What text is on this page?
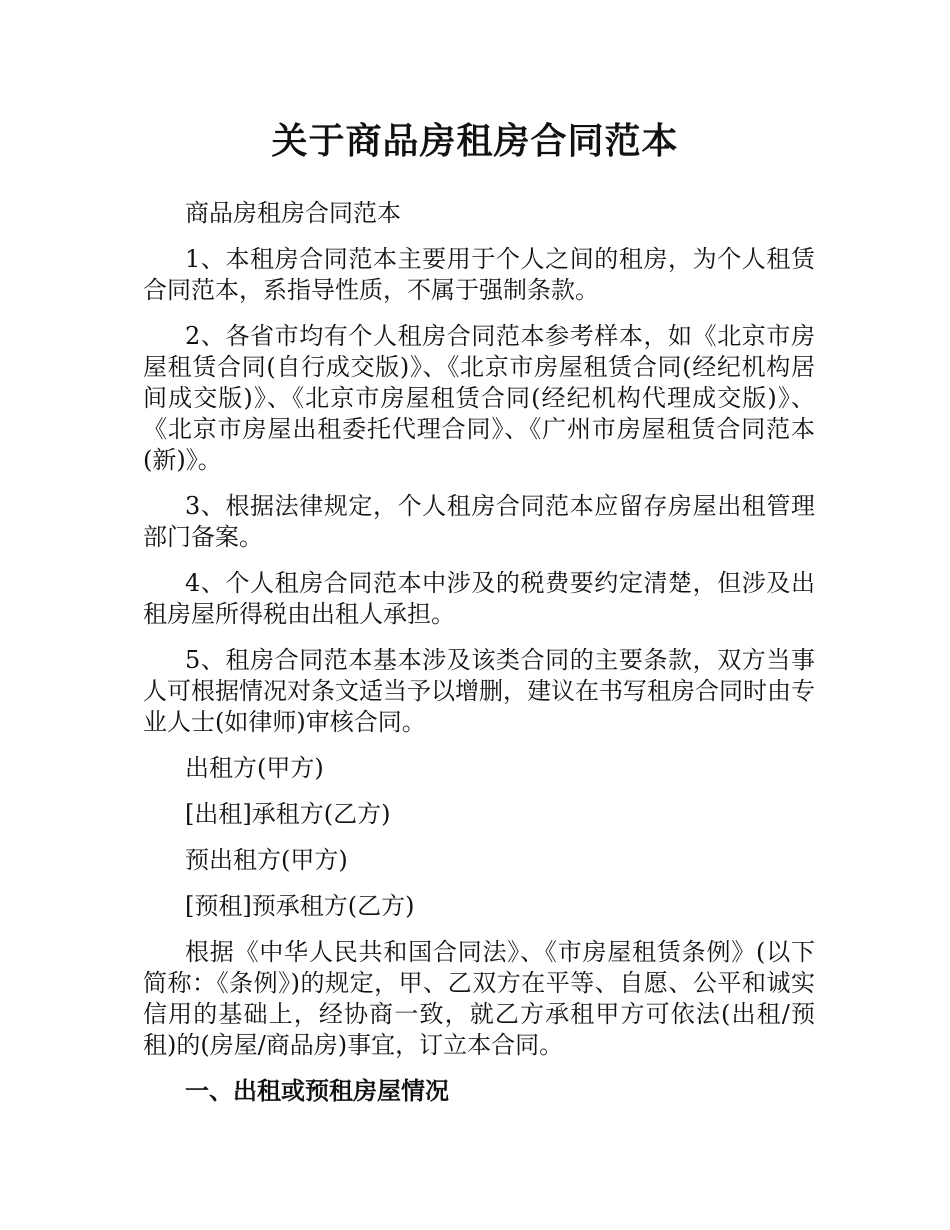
关于商品房租房合同范本

商品房租房合同范本

1、本租房合同范本主要用于个人之间的租房，为个人租赁合同范本，系指导性质，不属于强制条款。

2、各省市均有个人租房合同范本参考样本，如《北京市房屋租赁合同(自行成交版)》、《北京市房屋租赁合同(经纪机构居间成交版)》、《北京市房屋租赁合同(经纪机构代理成交版)》、《北京市房屋出租委托代理合同》、《广州市房屋租赁合同范本(新)》。

3、根据法律规定，个人租房合同范本应留存房屋出租管理部门备案。

4、个人租房合同范本中涉及的税费要约定清楚，但涉及出租房屋所得税由出租人承担。

5、租房合同范本基本涉及该类合同的主要条款，双方当事人可根据情况对条文适当予以增删，建议在书写租房合同时由专业人士(如律师)审核合同。

出租方(甲方)

[出租]承租方(乙方)

预出租方(甲方)

[预租]预承租方(乙方)

根据《中华人民共和国合同法》、《市房屋租赁条例》(以下简称：《条例》)的规定，甲、乙双方在平等、自愿、公平和诚实信用的基础上，经协商一致，就乙方承租甲方可依法(出租/预租)的(房屋/商品房)事宜，订立本合同。

一、出租或预租房屋情况
